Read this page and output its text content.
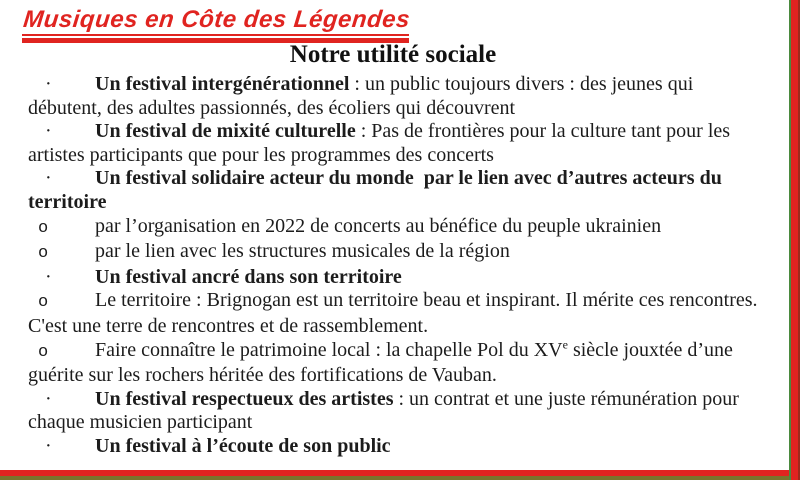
Musiques en Côte des Légendes
Notre utilité sociale
· Un festival intergénérationnel : un public toujours divers : des jeunes qui débutent, des adultes passionnés, des écoliers qui découvrent
· Un festival de mixité culturelle : Pas de frontières pour la culture tant pour les artistes participants que pour les programmes des concerts
· Un festival solidaire acteur du monde  par le lien avec d’autres acteurs du territoire
o par l’organisation en 2022 de concerts au bénéfice du peuple ukrainien
o par le lien avec les structures musicales de la région
· Un festival ancré dans son territoire
o Le territoire : Brignogan est un territoire beau et inspirant. Il mérite ces rencontres. C'est une terre de rencontres et de rassemblement.
o Faire connaître le patrimoine local : la chapelle Pol du XVe siècle jouxtée d’une guérite sur les rochers héritée des fortifications de Vauban.
· Un festival respectueux des artistes : un contrat et une juste rémunération pour chaque musicien participant
· Un festival à l’écoute de son public
